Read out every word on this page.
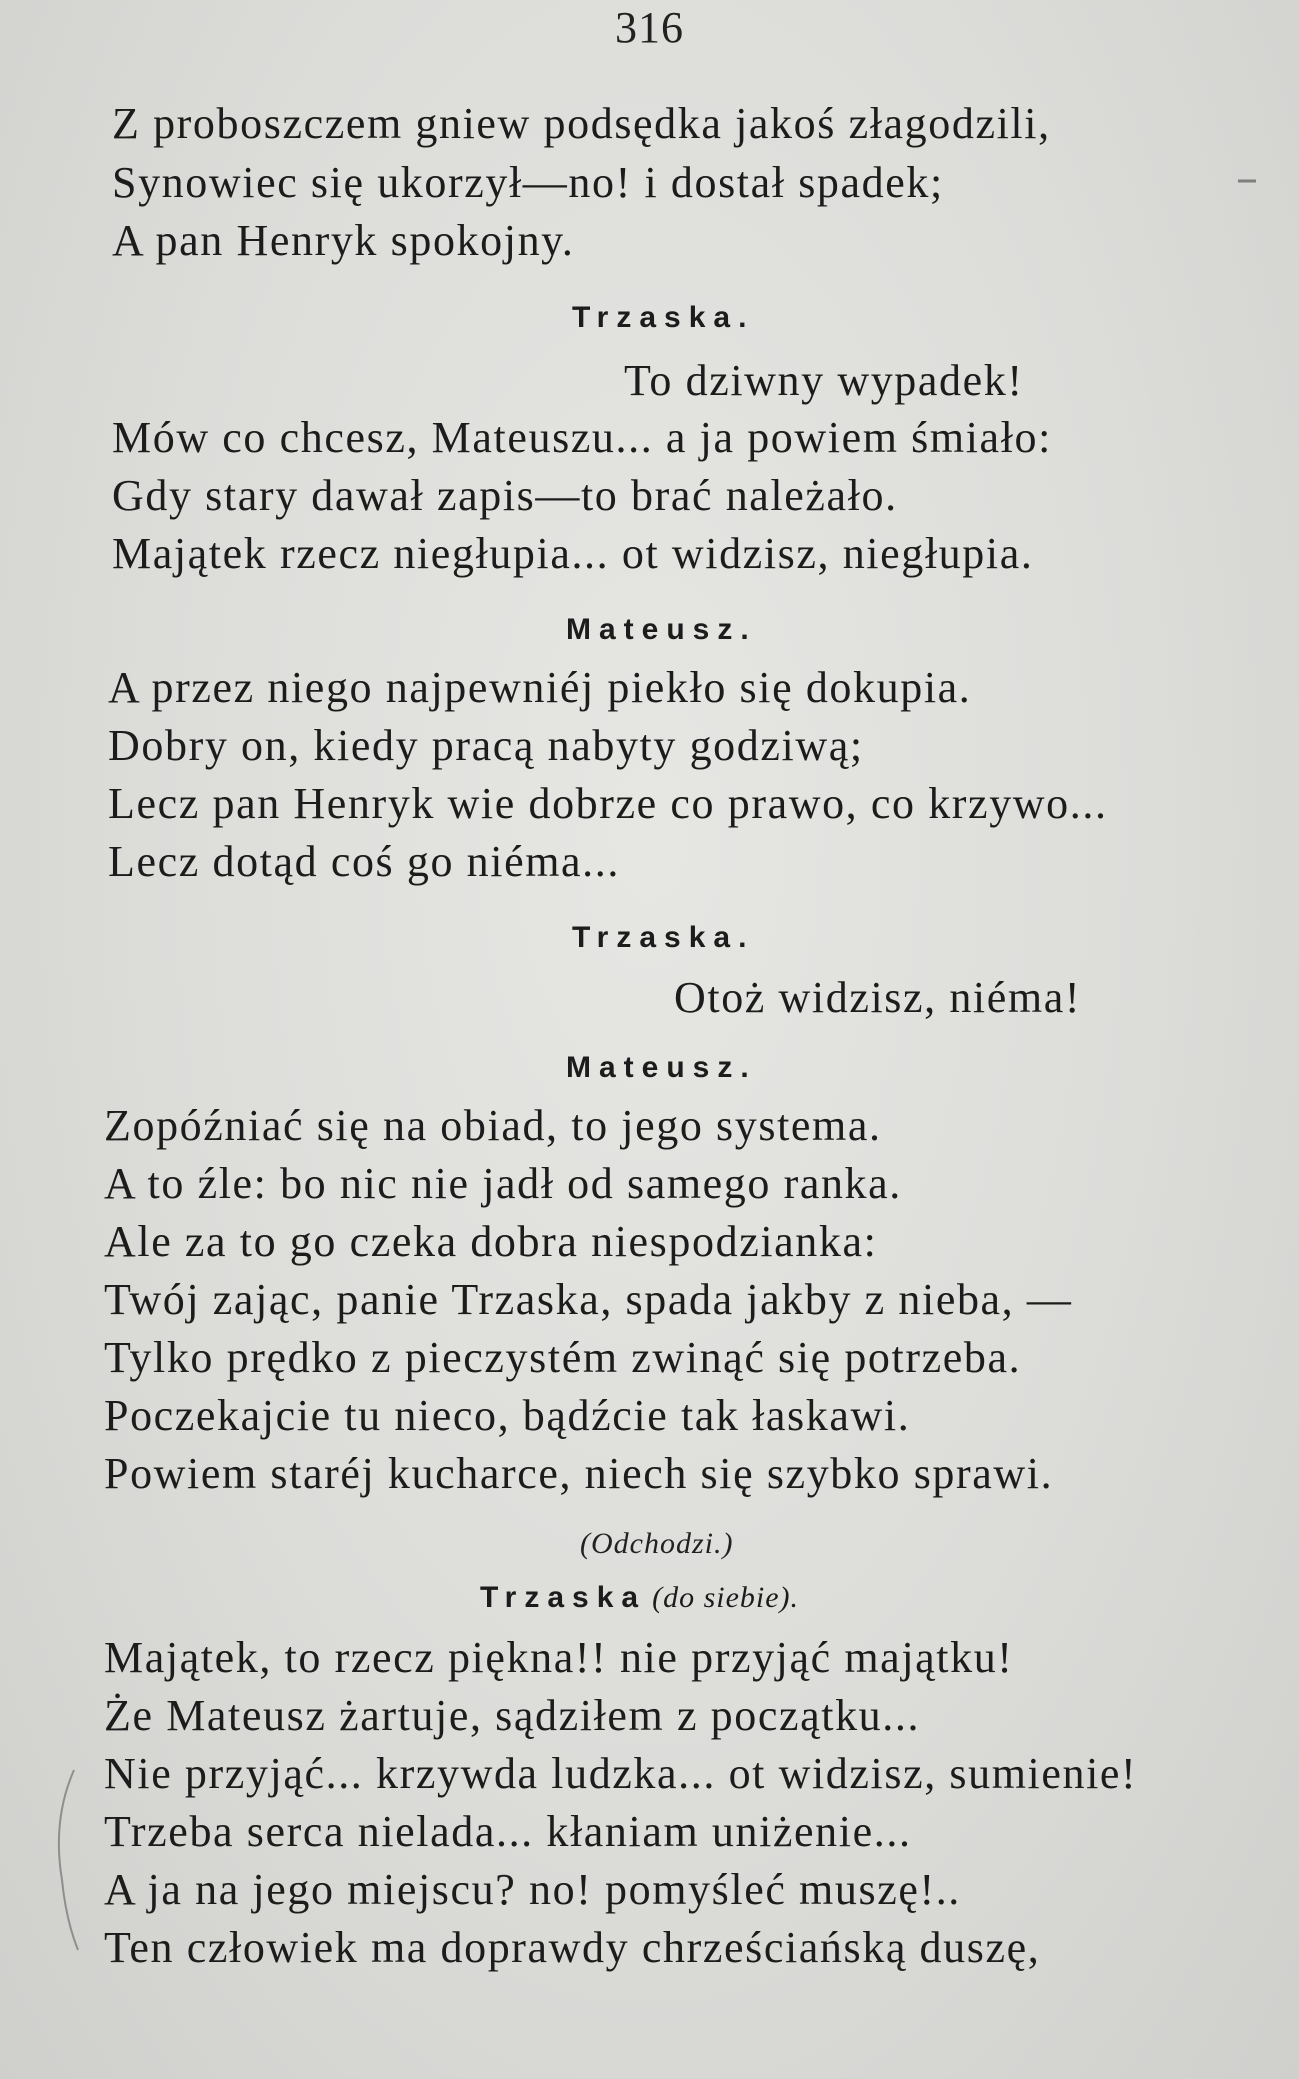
316
Z proboszczem gniew podsędka jakoś złagodzili,
Synowiec się ukorzył—no! i dostał spadek;
A pan Henryk spokojny.
Trzaska.
To dziwny wypadek!
Mów co chcesz, Mateuszu... a ja powiem śmiało:
Gdy stary dawał zapis—to brać należało.
Majątek rzecz niegłupia... ot widzisz, niegłupia.
Mateusz.
A przez niego najpewniéj piekło się dokupia.
Dobry on, kiedy pracą nabyty godziwą;
Lecz pan Henryk wie dobrze co prawo, co krzywo...
Lecz dotąd coś go niéma...
Trzaska.
Otoż widzisz, niéma!
Mateusz.
Zopóźniać się na obiad, to jego systema.
A to źle: bo nic nie jadł od samego ranka.
Ale za to go czeka dobra niespodzianka:
Twój zając, panie Trzaska, spada jakby z nieba, —
Tylko prędko z pieczystém zwinąć się potrzeba.
Poczekajcie tu nieco, bądźcie tak łaskawi.
Powiem staréj kucharce, niech się szybko sprawi.
(Odchodzi.)
Trzaska (do siebie).
Majątek, to rzecz piękna!! nie przyjąć majątku!
Że Mateusz żartuje, sądziłem z początku...
Nie przyjąć... krzywda ludzka... ot widzisz, sumienie!
Trzeba serca nielada... kłaniam uniżenie...
A ja na jego miejscu? no! pomyśleć muszę!..
Ten człowiek ma doprawdy chrześciańską duszę,
